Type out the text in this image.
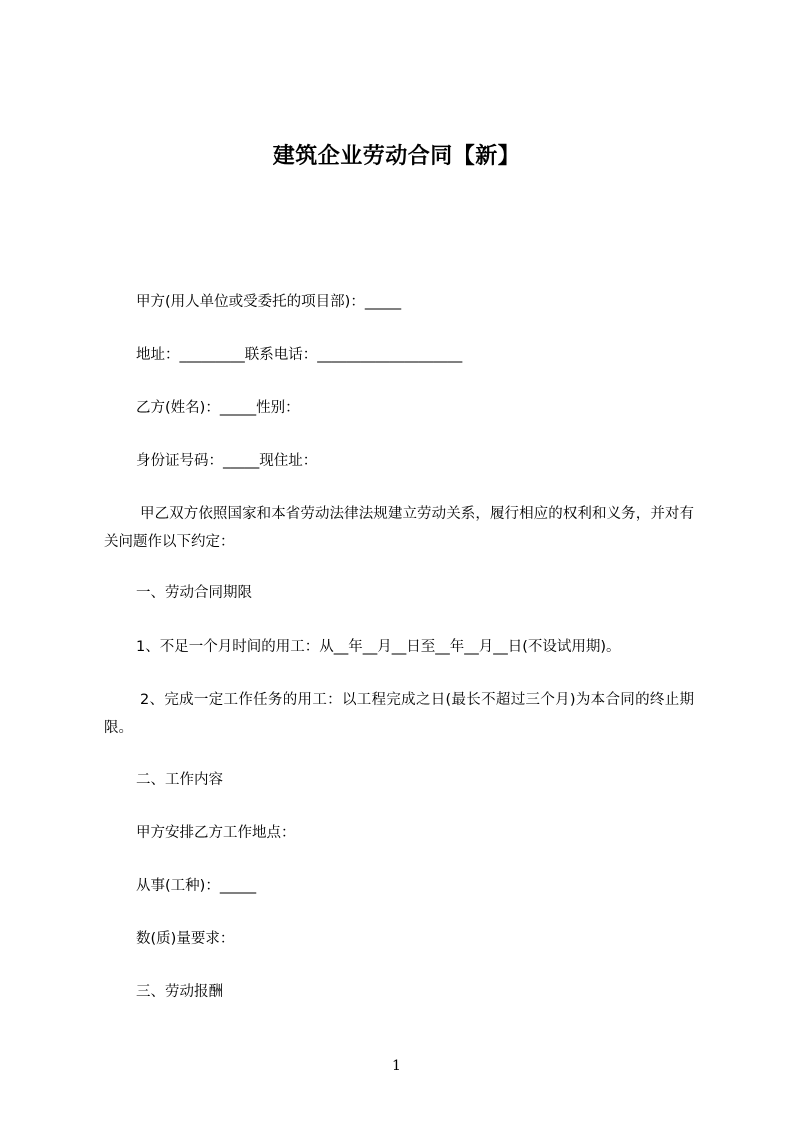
建筑企业劳动合同【新】
甲方(用人单位或受委托的项目部)：_____
地址：_________联系电话：____________________
乙方(姓名)：_____性别：
身份证号码：_____现住址：
甲乙双方依照国家和本省劳动法律法规建立劳动关系，履行相应的权利和义务，并对有关问题作以下约定：
一、劳动合同期限
1、不足一个月时间的用工：从__年__月__日至__年__月__日(不设试用期)。
2、完成一定工作任务的用工：以工程完成之日(最长不超过三个月)为本合同的终止期限。
二、工作内容
甲方安排乙方工作地点：
从事(工种)：_____
数(质)量要求：
三、劳动报酬
1
